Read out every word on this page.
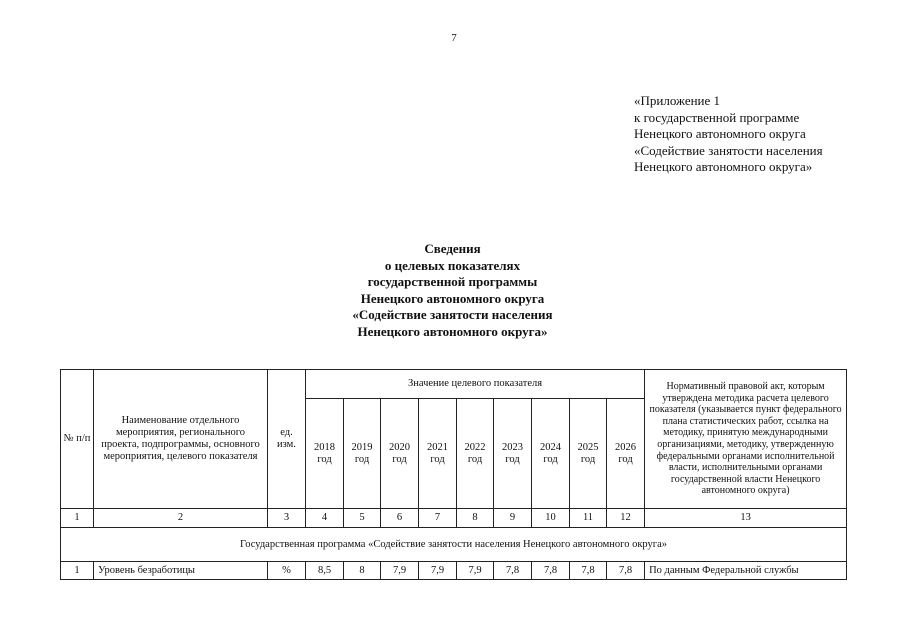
7
«Приложение 1
к государственной программе
Ненецкого автономного округа
«Содействие занятости населения
Ненецкого автономного округа»
Сведения
о целевых показателях
государственной программы
Ненецкого автономного округа
«Содействие занятости населения
Ненецкого автономного округа»
№ п/п	Наименование отдельного мероприятия, регионального проекта, подпрограммы, основного мероприятия, целевого показателя	ед. изм.	Значение целевого показателя									Нормативный правовой акт, которым утверждена методика расчета целевого показателя (указывается пункт федерального плана статистических работ, ссылка на методику, принятую международными организациями, методику, утвержденную федеральными органами исполнительной власти, исполнительными органами государственной власти Ненецкого автономного округа)
			2018 год	2019 год	2020 год	2021 год	2022 год	2023 год	2024 год	2025 год	2026 год	
1	2	3	4	5	6	7	8	9	10	11	12	13
Государственная программа «Содействие занятости населения Ненецкого автономного округа»												
1	Уровень безработицы	%	8,5	8	7,9	7,9	7,9	7,8	7,8	7,8	7,8	По данным Федеральной службы
